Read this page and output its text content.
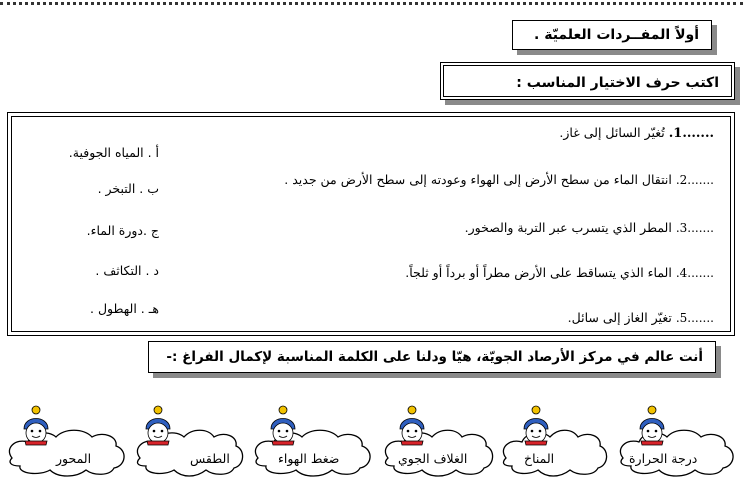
أولاً المفــردات العلميّة .
اكتب حرف الاختيار المناسب :
.......1. تُغيّر السائل إلى غاز.
.......2. انتقال الماء من سطح الأرض إلى الهواء وعودته إلى سطح الأرض من جديد .
.......3. المطر الذي يتسرب عبر التربة والصخور.
.......4. الماء الذي يتساقط على الأرض مطراً أو برداً أو ثلجاً.
.......5. تغيّر الغاز إلى سائل.
أ . المياه الجوفية.
ب . التبخر .
ج .دورة الماء.
د . التكاثف .
هـ . الهطول .
أنت عالم في مركز الأرصاد الجويّة، هيّا ودلنا على الكلمة المناسبة لإكمال الفراغ :-
درجة الحرارة
المناخ
الغلاف الجوي
ضغط الهواء
الطقس
المحور
